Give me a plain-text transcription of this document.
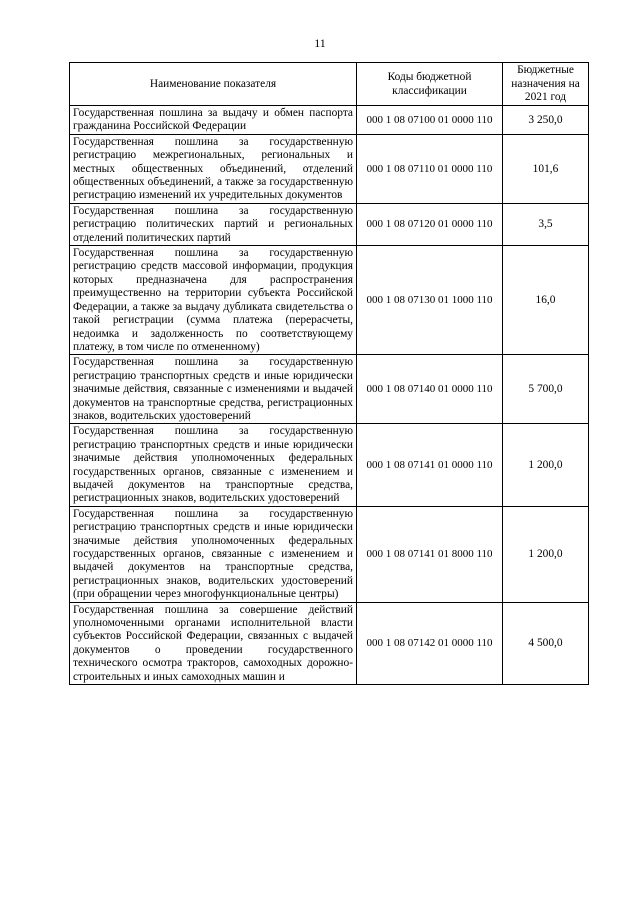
11
Наименование показателя	Коды бюджетной классификации	Бюджетные назначения на 2021 год
Государственная пошлина за выдачу и обмен паспорта гражданина Российской Федерации	000 1 08 07100 01 0000 110	3 250,0
Государственная пошлина за государственную регистрацию межрегиональных, региональных и местных общественных объединений, отделений общественных объединений, а также за государственную регистрацию изменений их учредительных документов	000 1 08 07110 01 0000 110	101,6
Государственная пошлина за государственную регистрацию политических партий и региональных отделений политических партий	000 1 08 07120 01 0000 110	3,5
Государственная пошлина за государственную регистрацию средств массовой информации, продукция которых предназначена для распространения преимущественно на территории субъекта Российской Федерации, а также за выдачу дубликата свидетельства о такой регистрации (сумма платежа (перерасчеты, недоимка и задолженность по соответствующему платежу, в том числе по отмененному)	000 1 08 07130 01 1000 110	16,0
Государственная пошлина за государственную регистрацию транспортных средств и иные юридически значимые действия, связанные с изменениями и выдачей документов на транспортные средства, регистрационных знаков, водительских удостоверений	000 1 08 07140 01 0000 110	5 700,0
Государственная пошлина за государственную регистрацию транспортных средств и иные юридически значимые действия уполномоченных федеральных государственных органов, связанные с изменением и выдачей документов на транспортные средства, регистрационных знаков, водительских удостоверений	000 1 08 07141 01 0000 110	1 200,0
Государственная пошлина за государственную регистрацию транспортных средств и иные юридически значимые действия уполномоченных федеральных государственных органов, связанные с изменением и выдачей документов на транспортные средства, регистрационных знаков, водительских удостоверений (при обращении через многофункциональные центры)	000 1 08 07141 01 8000 110	1 200,0
Государственная пошлина за совершение действий уполномоченными органами исполнительной власти субъектов Российской Федерации, связанных с выдачей документов о проведении государственного технического осмотра тракторов, самоходных дорожно-строительных и иных самоходных машин и	000 1 08 07142 01 0000 110	4 500,0
